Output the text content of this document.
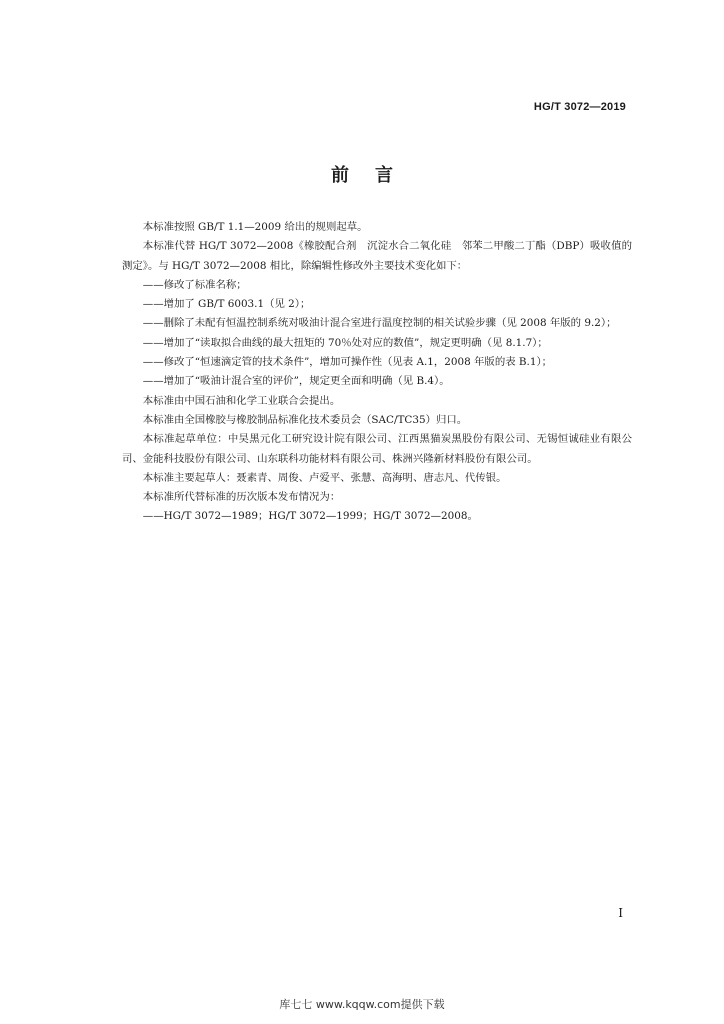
HG/T 3072—2019
前言

本标准按照 GB/T 1.1—2009 给出的规则起草。

本标准代替 HG/T 3072—2008《橡胶配合剂　沉淀水合二氧化硅　邻苯二甲酸二丁酯（DBP）吸收值的测定》。与 HG/T 3072—2008 相比，除编辑性修改外主要技术变化如下：

——修改了标准名称；

——增加了 GB/T 6003.1（见 2）；

——删除了未配有恒温控制系统对吸油计混合室进行温度控制的相关试验步骤（见 2008 年版的 9.2）；

——增加了“读取拟合曲线的最大扭矩的 70％处对应的数值”，规定更明确（见 8.1.7）；

——修改了“恒速滴定管的技术条件”，增加可操作性（见表 A.1，2008 年版的表 B.1）；

——增加了“吸油计混合室的评价”，规定更全面和明确（见 B.4）。

本标准由中国石油和化学工业联合会提出。

本标准由全国橡胶与橡胶制品标准化技术委员会（SAC/TC35）归口。

本标准起草单位：中昊黑元化工研究设计院有限公司、江西黑猫炭黑股份有限公司、无锡恒诚硅业有限公司、金能科技股份有限公司、山东联科功能材料有限公司、株洲兴隆新材料股份有限公司。

本标准主要起草人：聂素青、周俊、卢爱平、张慧、高海明、唐志凡、代传银。

本标准所代替标准的历次版本发布情况为：

——HG/T 3072—1989；HG/T 3072—1999；HG/T 3072—2008。

I
库七七 www.kqqw.com提供下载
